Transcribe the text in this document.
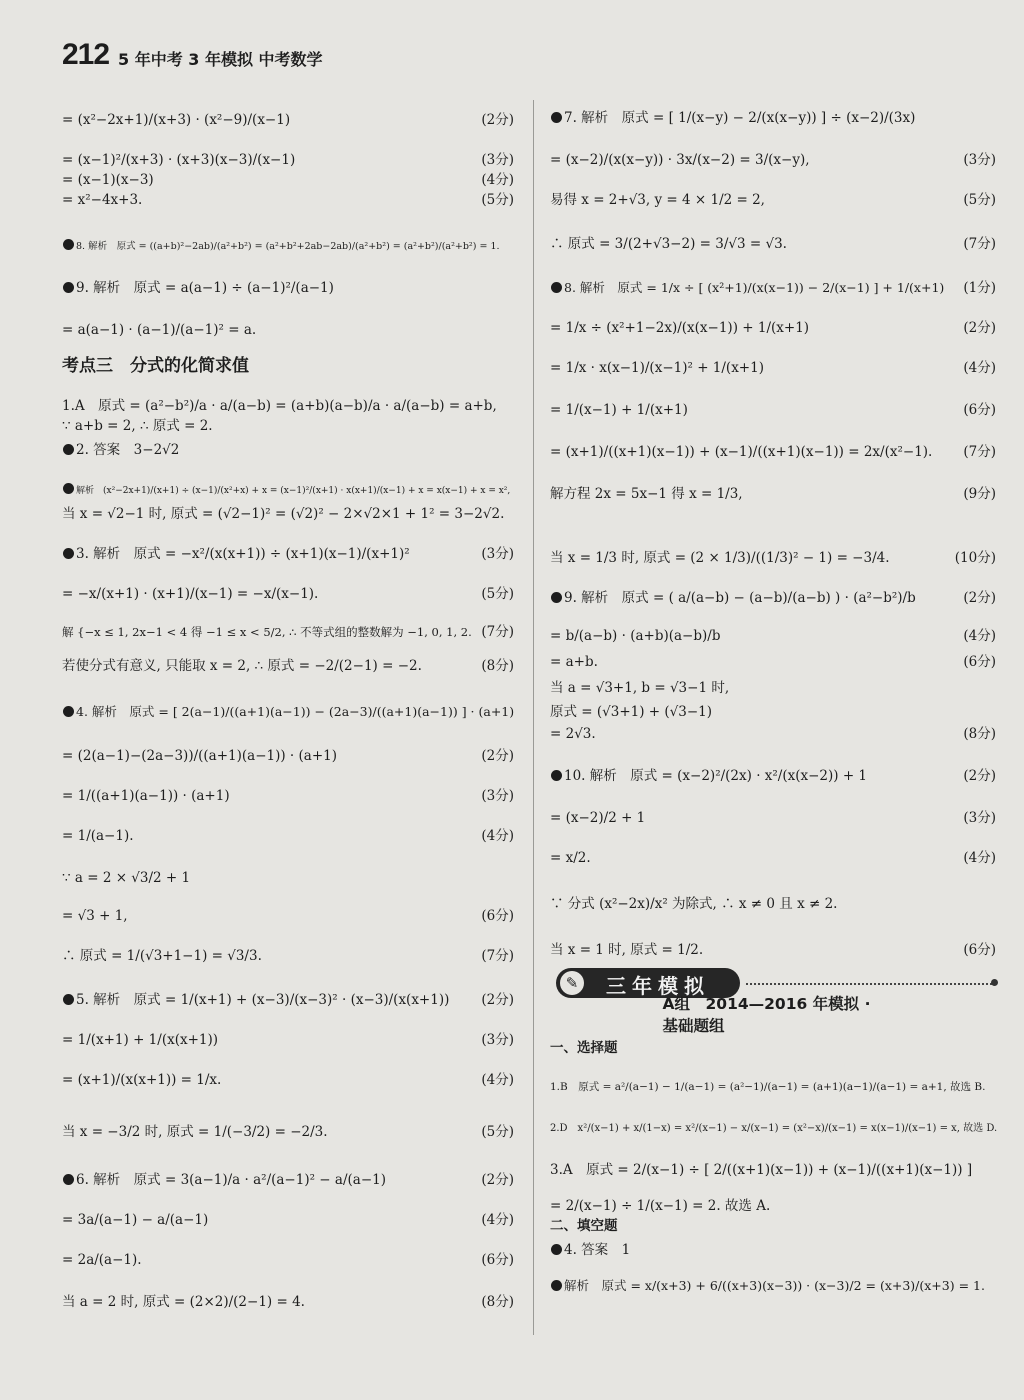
212 5 年中考 3 年模拟 中考数学
= (x²−2x+1)/(x+3) · (x²−9)/(x−1)	(2分)
= (x−1)²/(x+3) · (x+3)(x−3)/(x−1)	(3分)
= (x−1)(x−3)	(4分)
= x²−4x+3.	(5分)
8. 解析　原式 = ((a+b)²−2ab)/(a²+b²) = (a²+b²+2ab−2ab)/(a²+b²) = (a²+b²)/(a²+b²) = 1.
9. 解析　原式 = a(a−1) ÷ (a−1)²/(a−1)
= a(a−1) · (a−1)/(a−1)² = a.
考点三　分式的化简求值
1.A　原式 = (a²−b²)/a · a/(a−b) = (a+b)(a−b)/a · a/(a−b) = a+b,
∵ a+b = 2, ∴ 原式 = 2.
2. 答案　3−2√2
解析　(x²−2x+1)/(x+1) ÷ (x−1)/(x²+x) + x = (x−1)²/(x+1) · x(x+1)/(x−1) + x = x(x−1) + x = x²,
当 x = √2−1 时, 原式 = (√2−1)² = (√2)² − 2×√2×1 + 1² = 3−2√2.
3. 解析　原式 = −x²/(x(x+1)) ÷ (x+1)(x−1)/(x+1)²	(3分)
= −x/(x+1) · (x+1)/(x−1) = −x/(x−1).	(5分)
解 {−x ≤ 1, 2x−1 < 4 得 −1 ≤ x < 5/2, ∴ 不等式组的整数解为 −1, 0, 1, 2. (7分)
若使分式有意义, 只能取 x = 2, ∴ 原式 = −2/(2−1) = −2.	(8分)
4. 解析　原式 = [ 2(a−1)/((a+1)(a−1)) − (2a−3)/((a+1)(a−1)) ] · (a+1)
= (2(a−1)−(2a−3))/((a+1)(a−1)) · (a+1)	(2分)
= 1/((a+1)(a−1)) · (a+1)	(3分)
= 1/(a−1).	(4分)
∵ a = 2 × √3/2 + 1
= √3 + 1,	(6分)
∴ 原式 = 1/(√3+1−1) = √3/3.	(7分)
5. 解析　原式 = 1/(x+1) + (x−3)/(x−3)² · (x−3)/(x(x+1)) (2分)
= 1/(x+1) + 1/(x(x+1))	(3分)
= (x+1)/(x(x+1)) = 1/x.	(4分)
当 x = −3/2 时, 原式 = 1/(−3/2) = −2/3.	(5分)
6. 解析　原式 = 3(a−1)/a · a²/(a−1)² − a/(a−1)	(2分)
= 3a/(a−1) − a/(a−1)	(4分)
= 2a/(a−1).	(6分)
当 a = 2 时, 原式 = (2×2)/(2−1) = 4.	(8分)
7. 解析　原式 = [ 1/(x−y) − 2/(x(x−y)) ] ÷ (x−2)/(3x)
= (x−2)/(x(x−y)) · 3x/(x−2) = 3/(x−y),	(3分)
易得 x = 2+√3, y = 4 × 1/2 = 2,	(5分)
∴ 原式 = 3/(2+√3−2) = 3/√3 = √3.	(7分)
8. 解析　原式 = 1/x ÷ [ (x²+1)/(x(x−1)) − 2/(x−1) ] + 1/(x+1) (1分)
= 1/x ÷ (x²+1−2x)/(x(x−1)) + 1/(x+1)	(2分)
= 1/x · x(x−1)/(x−1)² + 1/(x+1)	(4分)
= 1/(x−1) + 1/(x+1)	(6分)
= (x+1)/((x+1)(x−1)) + (x−1)/((x+1)(x−1)) = 2x/(x²−1). (7分)
解方程 2x = 5x−1 得 x = 1/3,	(9分)
当 x = 1/3 时, 原式 = (2 × 1/3)/((1/3)² − 1) = −3/4.	(10分)
9. 解析　原式 = ( a/(a−b) − (a−b)/(a−b) ) · (a²−b²)/b	(2分)
= b/(a−b) · (a+b)(a−b)/b	(4分)
= a+b.	(6分)
当 a = √3+1, b = √3−1 时,
原式 = (√3+1) + (√3−1)
= 2√3.	(8分)
10. 解析　原式 = (x−2)²/(2x) · x²/(x(x−2)) + 1	(2分)
= (x−2)/2 + 1	(3分)
= x/2.	(4分)
∵ 分式 (x²−2x)/x² 为除式, ∴ x ≠ 0 且 x ≠ 2.
当 x = 1 时, 原式 = 1/2.	(6分)
✎ 三年模拟
A组　2014—2016 年模拟 · 基础题组
一、选择题
1.B　原式 = a²/(a−1) − 1/(a−1) = (a²−1)/(a−1) = (a+1)(a−1)/(a−1) = a+1, 故选 B.
2.D　x²/(x−1) + x/(1−x) = x²/(x−1) − x/(x−1) = (x²−x)/(x−1) = x(x−1)/(x−1) = x, 故选 D.
3.A　原式 = 2/(x−1) ÷ [ 2/((x+1)(x−1)) + (x−1)/((x+1)(x−1)) ]
= 2/(x−1) ÷ 1/(x−1) = 2. 故选 A.
二、填空题
4. 答案　1
解析　原式 = x/(x+3) + 6/((x+3)(x−3)) · (x−3)/2 = (x+3)/(x+3) = 1.
